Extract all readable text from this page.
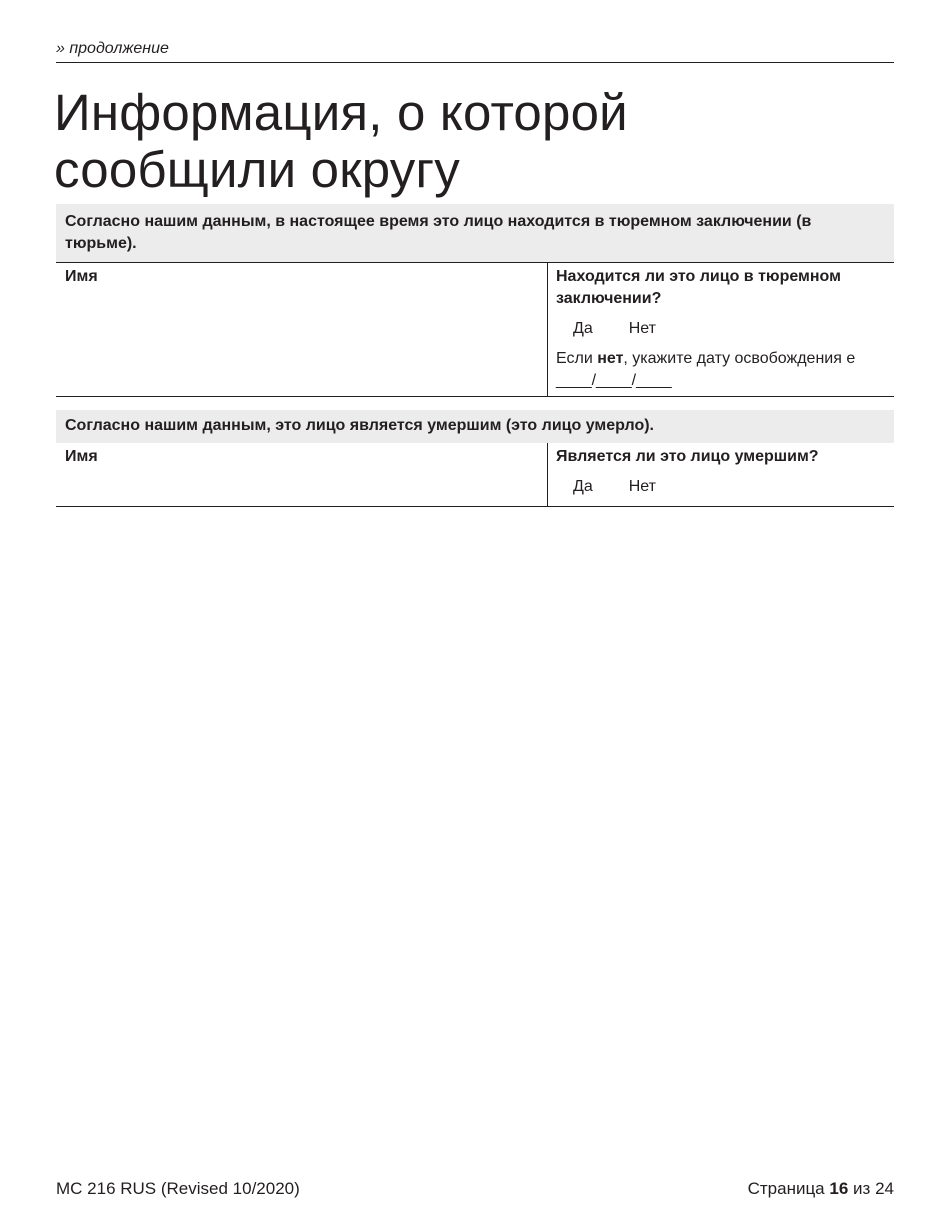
» продолжение
Информация, о которой сообщили округу
Согласно нашим данным, в настоящее время это лицо находится в тюремном заключении (в тюрьме).
Имя	Находится ли это лицо в тюремном заключении?
Да Нет
Если нет, укажите дату освобождения е ____/____/____
Согласно нашим данным, это лицо является умершим (это лицо умерло).
Имя	Является ли это лицо умершим?
Да Нет
MC 216 RUS (Revised 10/2020)	Страница 16 из 24
